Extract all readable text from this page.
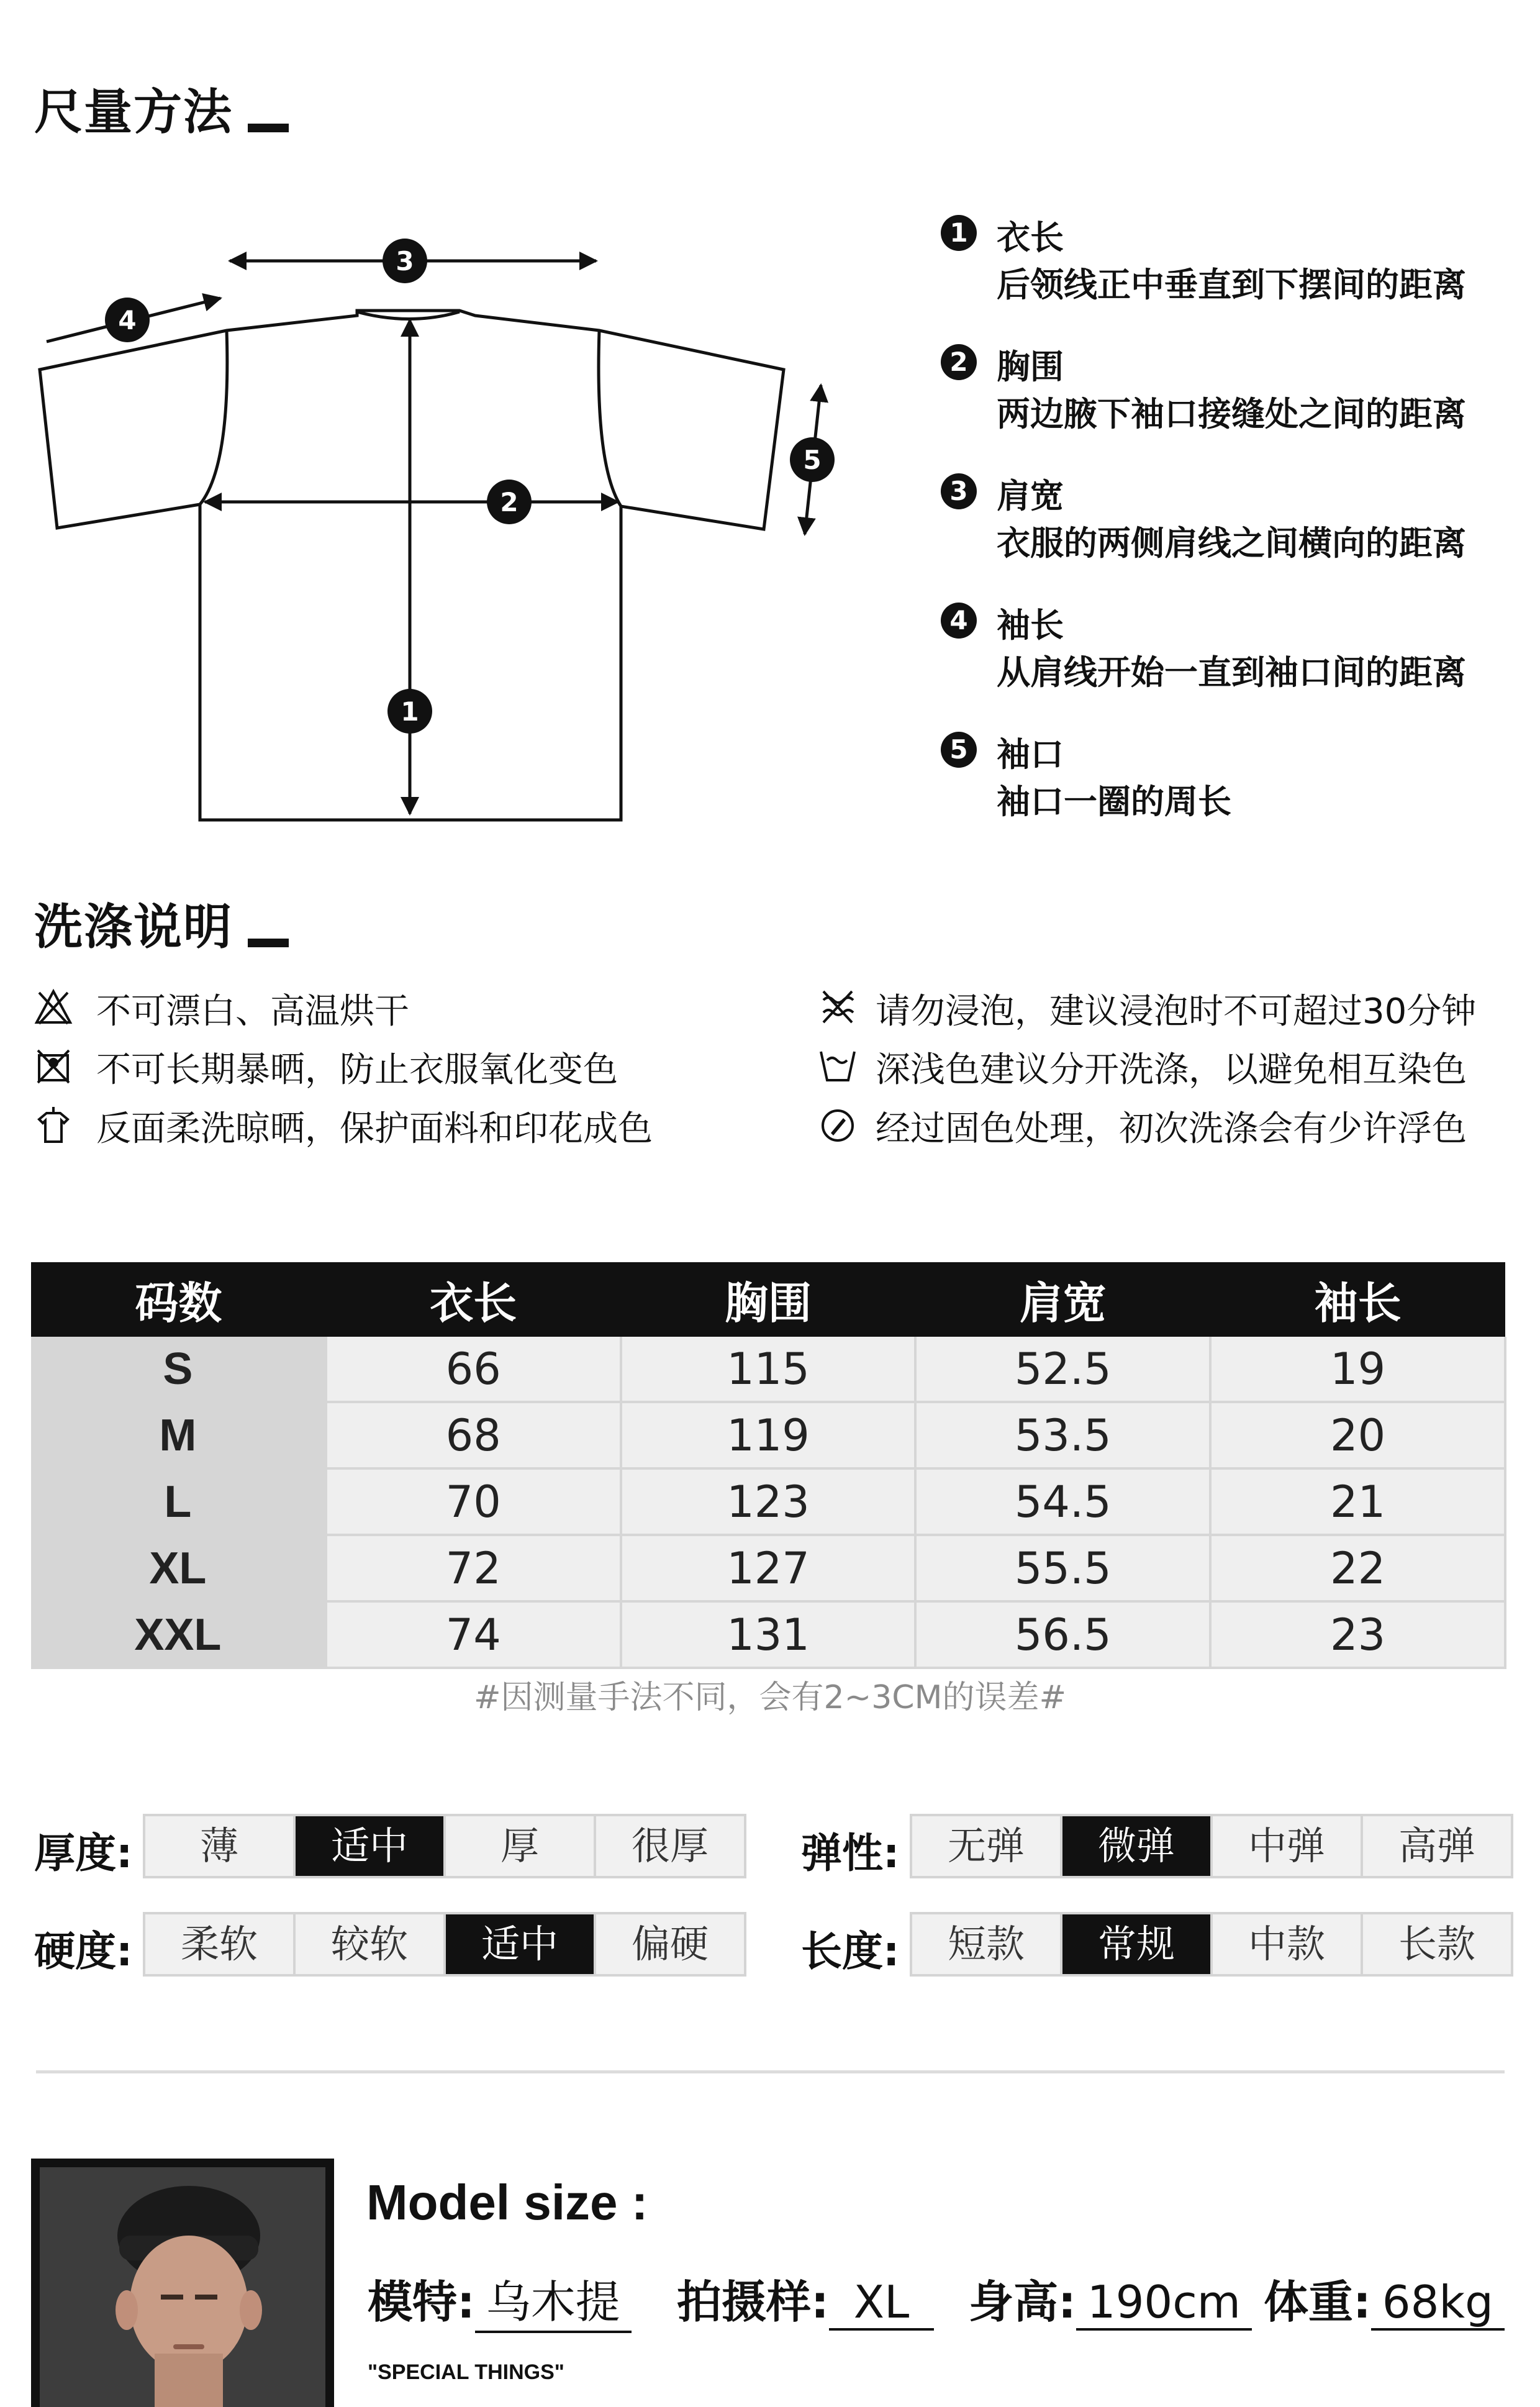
尺量方法
1
2
3
4
5
1 衣长
后领线正中垂直到下摆间的距离
2 胸围
两边腋下袖口接缝处之间的距离
3 肩宽
衣服的两侧肩线之间横向的距离
4 袖长
从肩线开始一直到袖口间的距离
5 袖口
袖口一圈的周长
洗涤说明
不可漂白、高温烘干
不可长期暴晒，防止衣服氧化变色
反面柔洗晾晒，保护面料和印花成色
请勿浸泡，建议浸泡时不可超过30分钟
深浅色建议分开洗涤，以避免相互染色
经过固色处理，初次洗涤会有少许浮色
码数	衣长	胸围	肩宽	袖长
S	66	115	52.5	19
M	68	119	53.5	20
L	70	123	54.5	21
XL	72	127	55.5	22
XXL	74	131	56.5	23
#因测量手法不同，会有2~3CM的误差#
厚度:	薄	适中	厚	很厚	弹性:	无弹	微弹	中弹	高弹
硬度:	柔软	较软	适中	偏硬	长度:	短款	常规	中款	长款
Model size :
模特: 乌木提 拍摄样: XL	身高: 190cm 体重: 68kg
"SPECIAL THINGS"
